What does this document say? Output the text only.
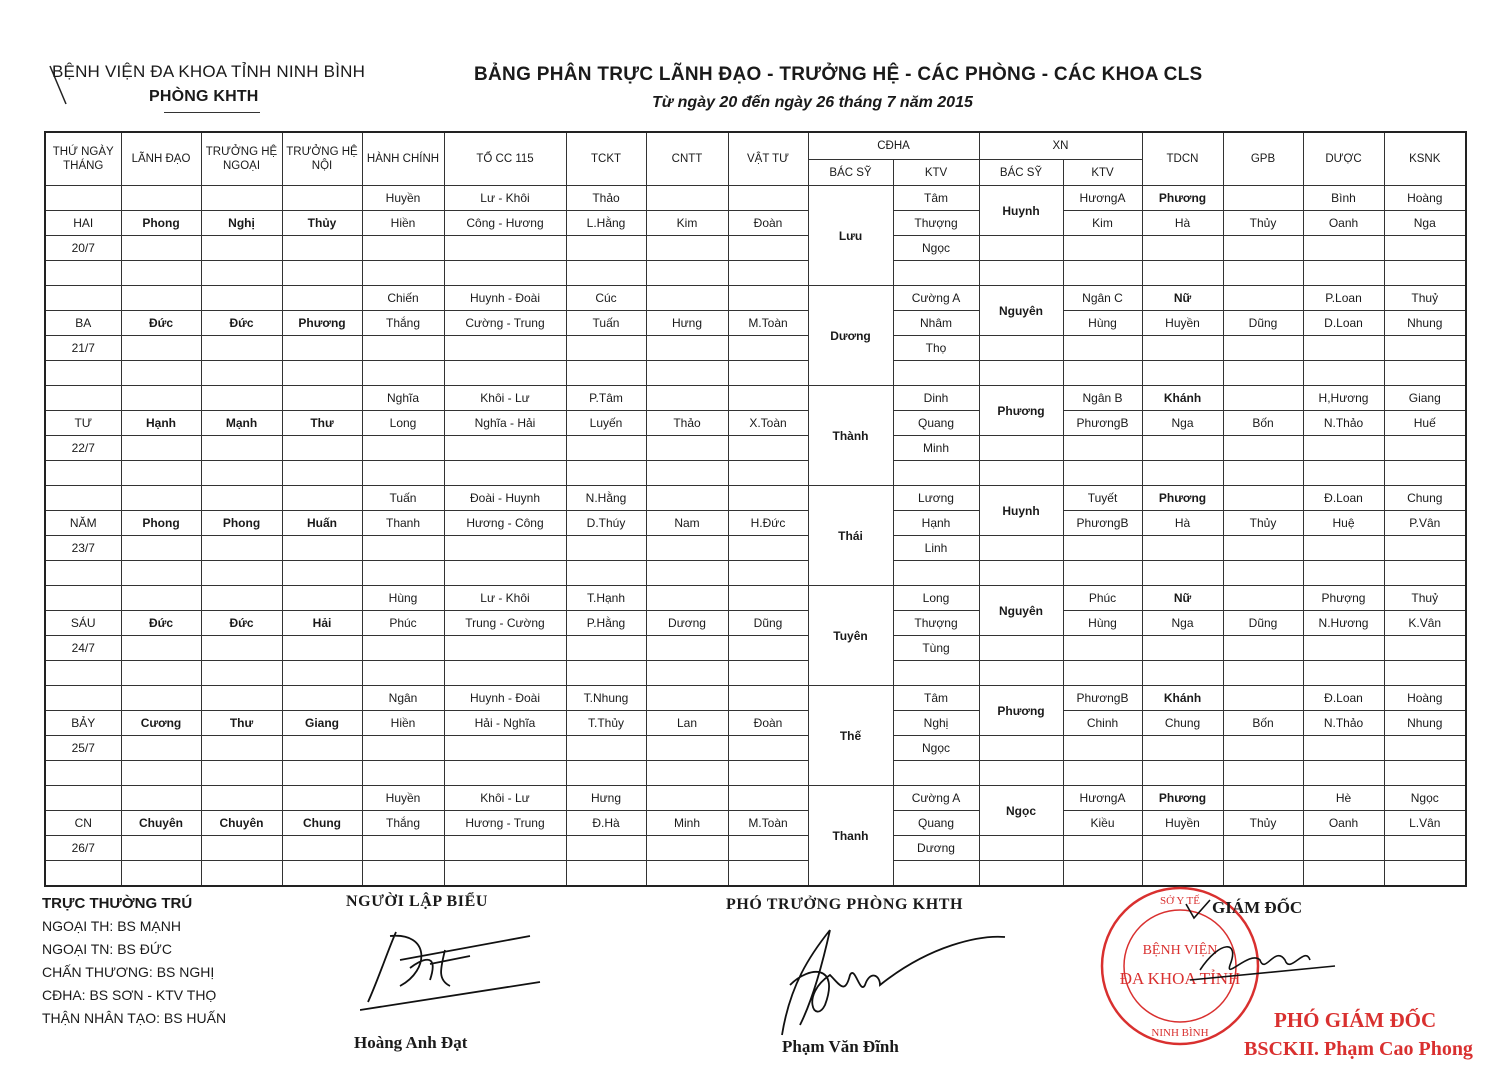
BỆNH VIỆN ĐA KHOA TỈNH NINH BÌNH
PHÒNG KHTH
BẢNG PHÂN TRỰC LÃNH ĐẠO - TRƯỞNG HỆ - CÁC PHÒNG - CÁC KHOA CLS
Từ ngày 20 đến ngày 26 tháng 7 năm 2015
THỨ NGÀY THÁNG	LÃNH ĐẠO	TRƯỞNG HỆ NGOẠI	TRƯỞNG HỆ NỘI	HÀNH CHÍNH	TỔ CC 115	TCKT	CNTT	VẬT TƯ	CĐHA		XN		TDCN	GPB	DƯỢC	KSNK
									BÁC SỸ	KTV	BÁC SỸ	KTV				
				Huyền	Lư - Khôi	Thảo			Lưu	Tâm	Huynh	HươngA	Phương		Bình	Hoàng
HAI	Phong	Nghị	Thủy	Hiền	Công - Hương	L.Hằng	Kim	Đoàn		Thượng		Kim	Hà	Thủy	Oanh	Nga
20/7										Ngọc						

				Chiến	Huynh - Đoài	Cúc			Dương	Cường A	Nguyên	Ngân C	Nữ		P.Loan	Thuỷ
BA	Đức	Đức	Phương	Thắng	Cường - Trung	Tuấn	Hưng	M.Toàn		Nhâm		Hùng	Huyền	Dũng	D.Loan	Nhung
21/7										Thọ						

				Nghĩa	Khôi - Lư	P.Tâm			Thành	Dinh	Phương	Ngân B	Khánh		H,Hương	Giang
TƯ	Hạnh	Mạnh	Thư	Long	Nghĩa - Hải	Luyến	Thảo	X.Toàn		Quang		PhươngB	Nga	Bốn	N.Thảo	Huế
22/7										Minh						

				Tuấn	Đoài - Huynh	N.Hằng			Thái	Lương	Huynh	Tuyết	Phương		Đ.Loan	Chung
NĂM	Phong	Phong	Huấn	Thanh	Hương - Công	D.Thúy	Nam	H.Đức		Hạnh		PhươngB	Hà	Thủy	Huệ	P.Vân
23/7										Linh						

				Hùng	Lư - Khôi	T.Hạnh			Tuyên	Long	Nguyên	Phúc	Nữ		Phượng	Thuỷ
SÁU	Đức	Đức	Hải	Phúc	Trung - Cường	P.Hằng	Dương	Dũng		Thượng		Hùng	Nga	Dũng	N.Hương	K.Vân
24/7										Tùng						

				Ngân	Huynh - Đoài	T.Nhung			Thế	Tâm	Phương	PhươngB	Khánh		Đ.Loan	Hoàng
BẢY	Cương	Thư	Giang	Hiền	Hải - Nghĩa	T.Thủy	Lan	Đoàn		Nghị		Chinh	Chung	Bốn	N.Thảo	Nhung
25/7										Ngọc						

				Huyền	Khôi - Lư	Hưng			Thanh	Cường A	Ngọc	HươngA	Phương		Hè	Ngọc
CN	Chuyên	Chuyên	Chung	Thắng	Hương - Trung	Đ.Hà	Minh	M.Toàn		Quang		Kiều	Huyền	Thủy	Oanh	L.Vân
26/7										Dương						

TRỰC THƯỜNG TRÚ
NGOẠI TH: BS MẠNH
NGOẠI TN: BS ĐỨC
CHẤN THƯƠNG: BS NGHỊ
CĐHA: BS SƠN - KTV THỌ
THẬN NHÂN TẠO: BS HUẤN
NGƯỜI LẬP BIỂU
Hoàng Anh Đạt
PHÓ TRƯỞNG PHÒNG KHTH
Phạm Văn Đĩnh
SỞ Y TẾ
BỆNH VIỆN
ĐA KHOA TỈNH
NINH BÌNH
GIÁM ĐỐC
PHÓ GIÁM ĐỐC
BSCKII. Phạm Cao Phong
